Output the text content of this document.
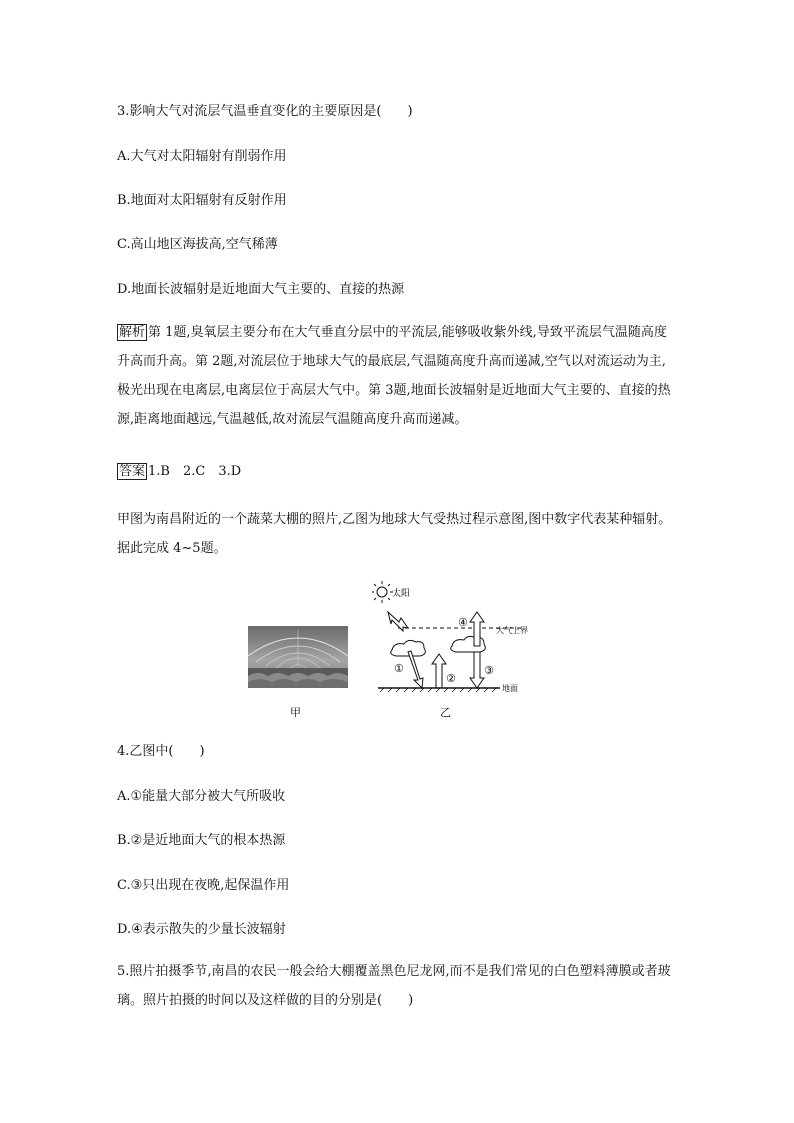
3.影响大气对流层气温垂直变化的主要原因是(　　)
A.大气对太阳辐射有削弱作用
B.地面对太阳辐射有反射作用
C.高山地区海拔高,空气稀薄
D.地面长波辐射是近地面大气主要的、直接的热源
解析 第 1题,臭氧层主要分布在大气垂直分层中的平流层,能够吸收紫外线,导致平流层气温随高度升高而升高。第 2题,对流层位于地球大气的最底层,气温随高度升高而递减,空气以对流运动为主,极光出现在电离层,电离层位于高层大气中。第 3题,地面长波辐射是近地面大气主要的、直接的热源,距离地面越远,气温越低,故对流层气温随高度升高而递减。
答案 1.B　2.C　3.D
甲图为南昌附近的一个蔬菜大棚的照片,乙图为地球大气受热过程示意图,图中数字代表某种辐射。据此完成 4~5题。
甲
太阳
大气上界
①
②
③
④
地面
乙
4.乙图中(　　)
A.①能量大部分被大气所吸收
B.②是近地面大气的根本热源
C.③只出现在夜晚,起保温作用
D.④表示散失的少量长波辐射
5.照片拍摄季节,南昌的农民一般会给大棚覆盖黑色尼龙网,而不是我们常见的白色塑料薄膜或者玻璃。照片拍摄的时间以及这样做的目的分别是(　　)
